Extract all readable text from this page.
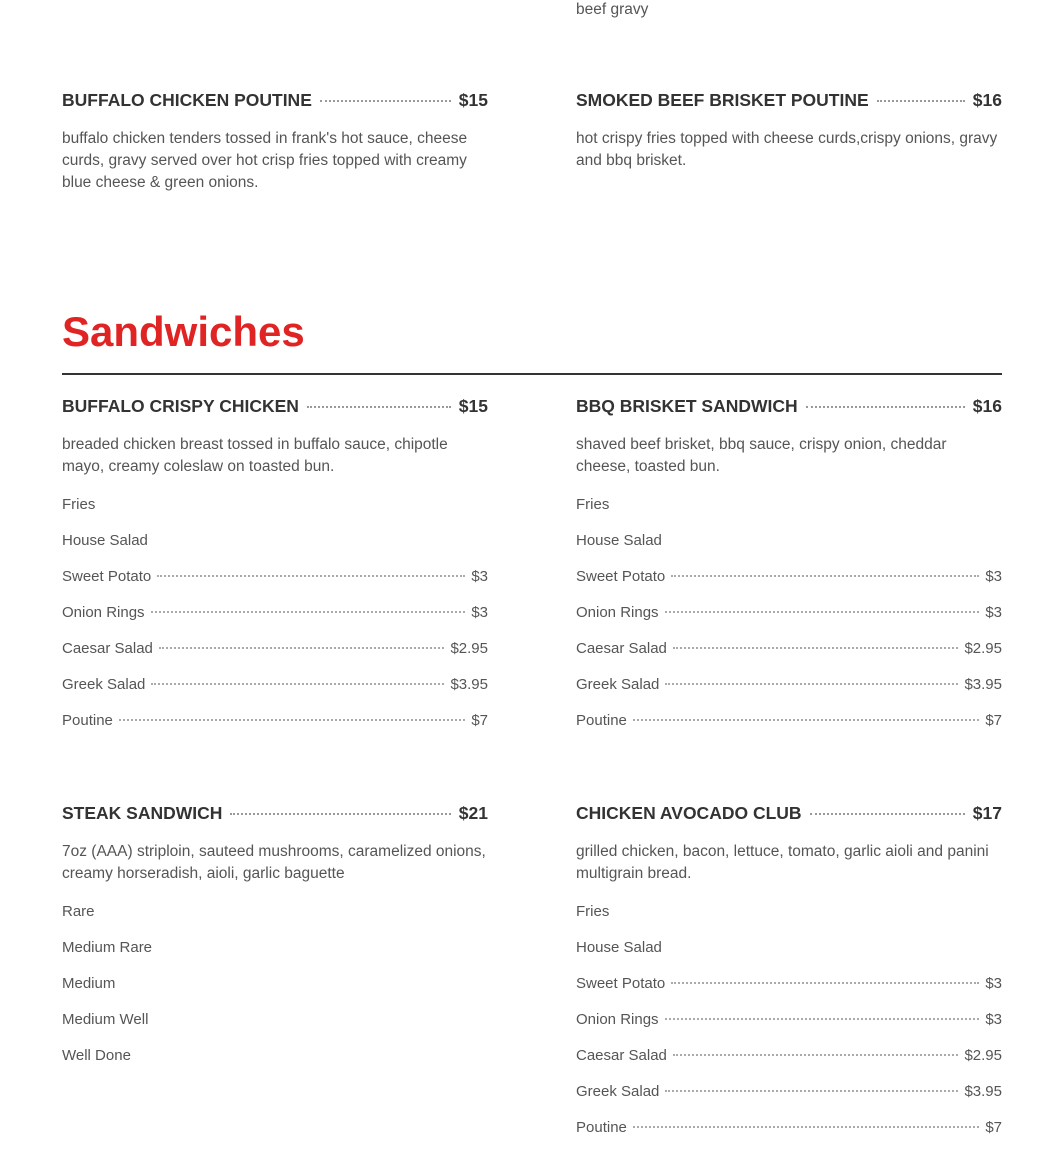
beef gravy
BUFFALO CHICKEN POUTINE	$15
buffalo chicken tenders tossed in frank's hot sauce, cheese curds, gravy served over hot crisp fries topped with creamy blue cheese & green onions.
SMOKED BEEF BRISKET POUTINE	$16
hot crispy fries topped with cheese curds,crispy onions, gravy and bbq brisket.
Sandwiches
BUFFALO CRISPY CHICKEN	$15
breaded chicken breast tossed in buffalo sauce, chipotle mayo, creamy coleslaw on toasted bun.
Fries
House Salad
Sweet Potato	$3
Onion Rings	$3
Caesar Salad	$2.95
Greek Salad	$3.95
Poutine	$7
BBQ BRISKET SANDWICH	$16
shaved beef brisket, bbq sauce, crispy onion, cheddar cheese, toasted bun.
Fries
House Salad
Sweet Potato	$3
Onion Rings	$3
Caesar Salad	$2.95
Greek Salad	$3.95
Poutine	$7
STEAK SANDWICH	$21
7oz (AAA) striploin, sauteed mushrooms, caramelized onions, creamy horseradish, aioli, garlic baguette
Rare
Medium Rare
Medium
Medium Well
Well Done
CHICKEN AVOCADO CLUB	$17
grilled chicken, bacon, lettuce, tomato, garlic aioli and panini multigrain bread.
Fries
House Salad
Sweet Potato	$3
Onion Rings	$3
Caesar Salad	$2.95
Greek Salad	$3.95
Poutine	$7
